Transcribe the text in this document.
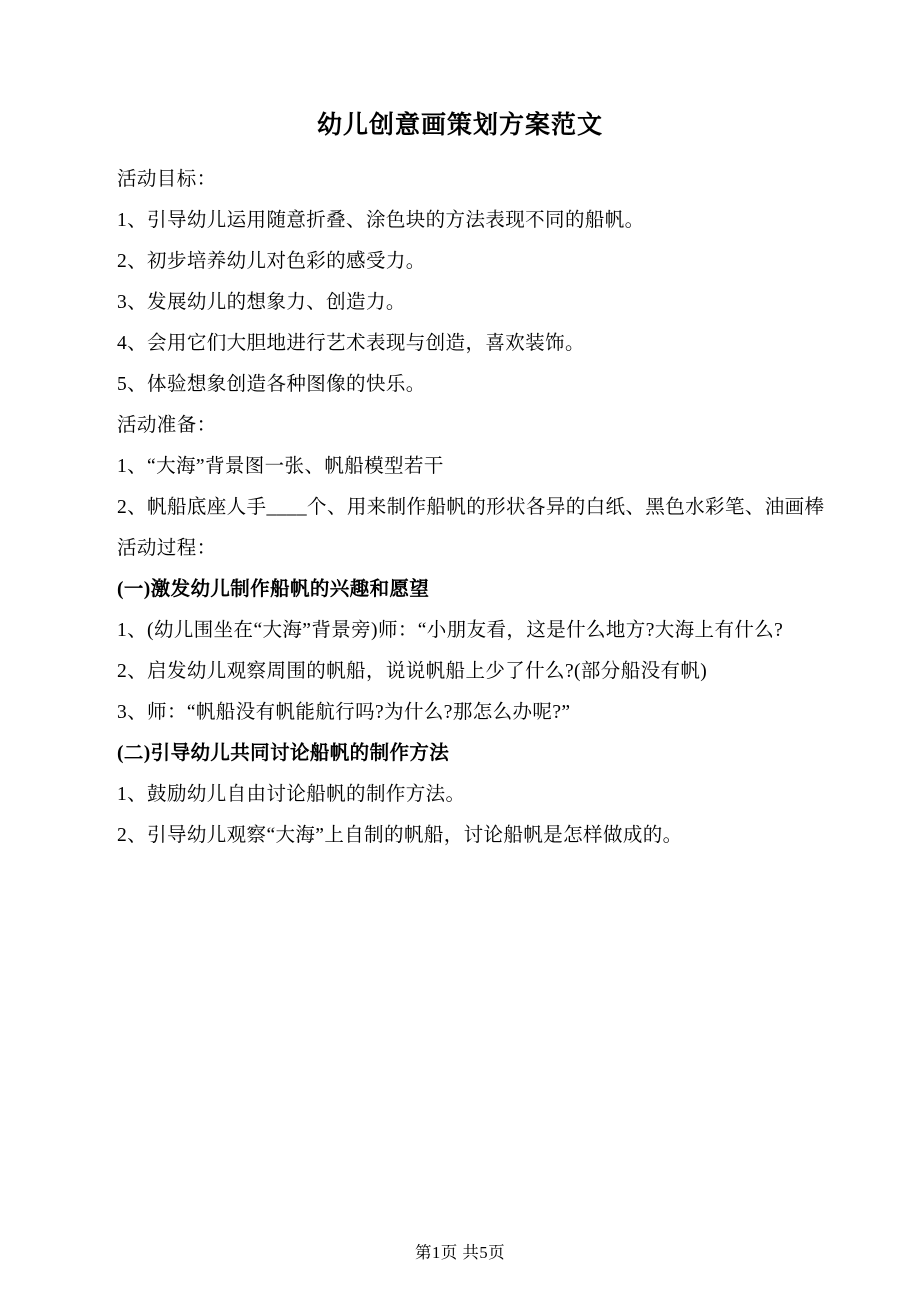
幼儿创意画策划方案范文

活动目标：

1、引导幼儿运用随意折叠、涂色块的方法表现不同的船帆。

2、初步培养幼儿对色彩的感受力。

3、发展幼儿的想象力、创造力。

4、会用它们大胆地进行艺术表现与创造，喜欢装饰。

5、体验想象创造各种图像的快乐。

活动准备：

1、“大海”背景图一张、帆船模型若干

2、帆船底座人手____个、用来制作船帆的形状各异的白纸、黑色水彩笔、油画棒

活动过程：

(一)激发幼儿制作船帆的兴趣和愿望

1、(幼儿围坐在“大海”背景旁)师：“小朋友看，这是什么地方?大海上有什么?

2、启发幼儿观察周围的帆船，说说帆船上少了什么?(部分船没有帆)

3、师：“帆船没有帆能航行吗?为什么?那怎么办呢?”

(二)引导幼儿共同讨论船帆的制作方法

1、鼓励幼儿自由讨论船帆的制作方法。

2、引导幼儿观察“大海”上自制的帆船，讨论船帆是怎样做成的。

第1页 共5页
